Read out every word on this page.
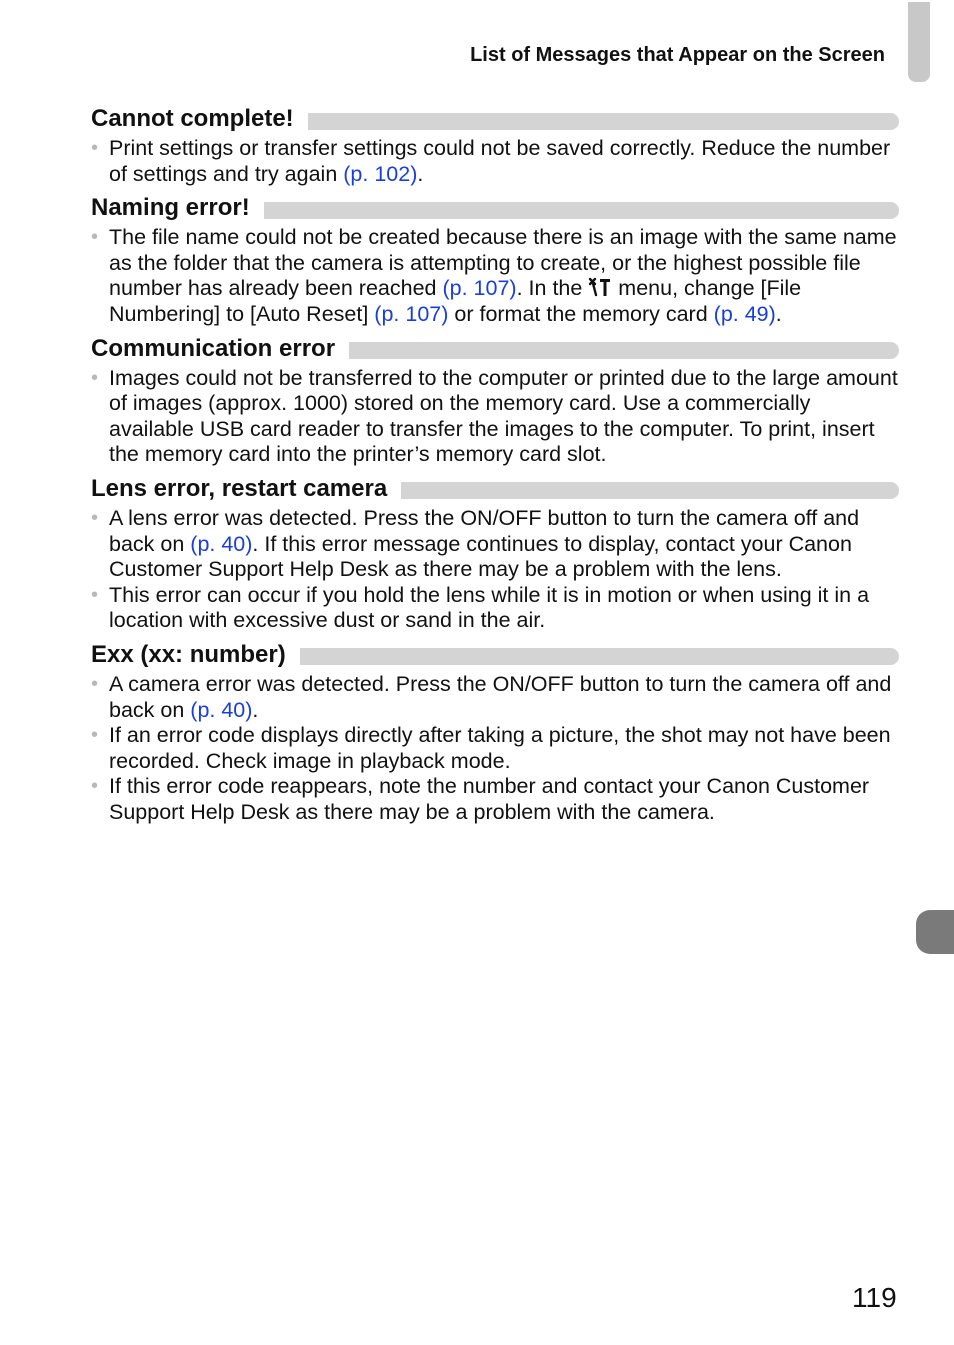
List of Messages that Appear on the Screen
Cannot complete!
• Print settings or transfer settings could not be saved correctly. Reduce the number of settings and try again (p. 102).
Naming error!
• The file name could not be created because there is an image with the same name as the folder that the camera is attempting to create, or the highest possible file number has already been reached (p. 107). In the  menu, change [File Numbering] to [Auto Reset] (p. 107) or format the memory card (p. 49).
Communication error
• Images could not be transferred to the computer or printed due to the large amount of images (approx. 1000) stored on the memory card. Use a commercially available USB card reader to transfer the images to the computer. To print, insert the memory card into the printer’s memory card slot.
Lens error, restart camera
• A lens error was detected. Press the ON/OFF button to turn the camera off and back on (p. 40). If this error message continues to display, contact your Canon Customer Support Help Desk as there may be a problem with the lens.
• This error can occur if you hold the lens while it is in motion or when using it in a location with excessive dust or sand in the air.
Exx (xx: number)
• A camera error was detected. Press the ON/OFF button to turn the camera off and back on (p. 40).
• If an error code displays directly after taking a picture, the shot may not have been recorded. Check image in playback mode.
• If this error code reappears, note the number and contact your Canon Customer Support Help Desk as there may be a problem with the camera.
119
